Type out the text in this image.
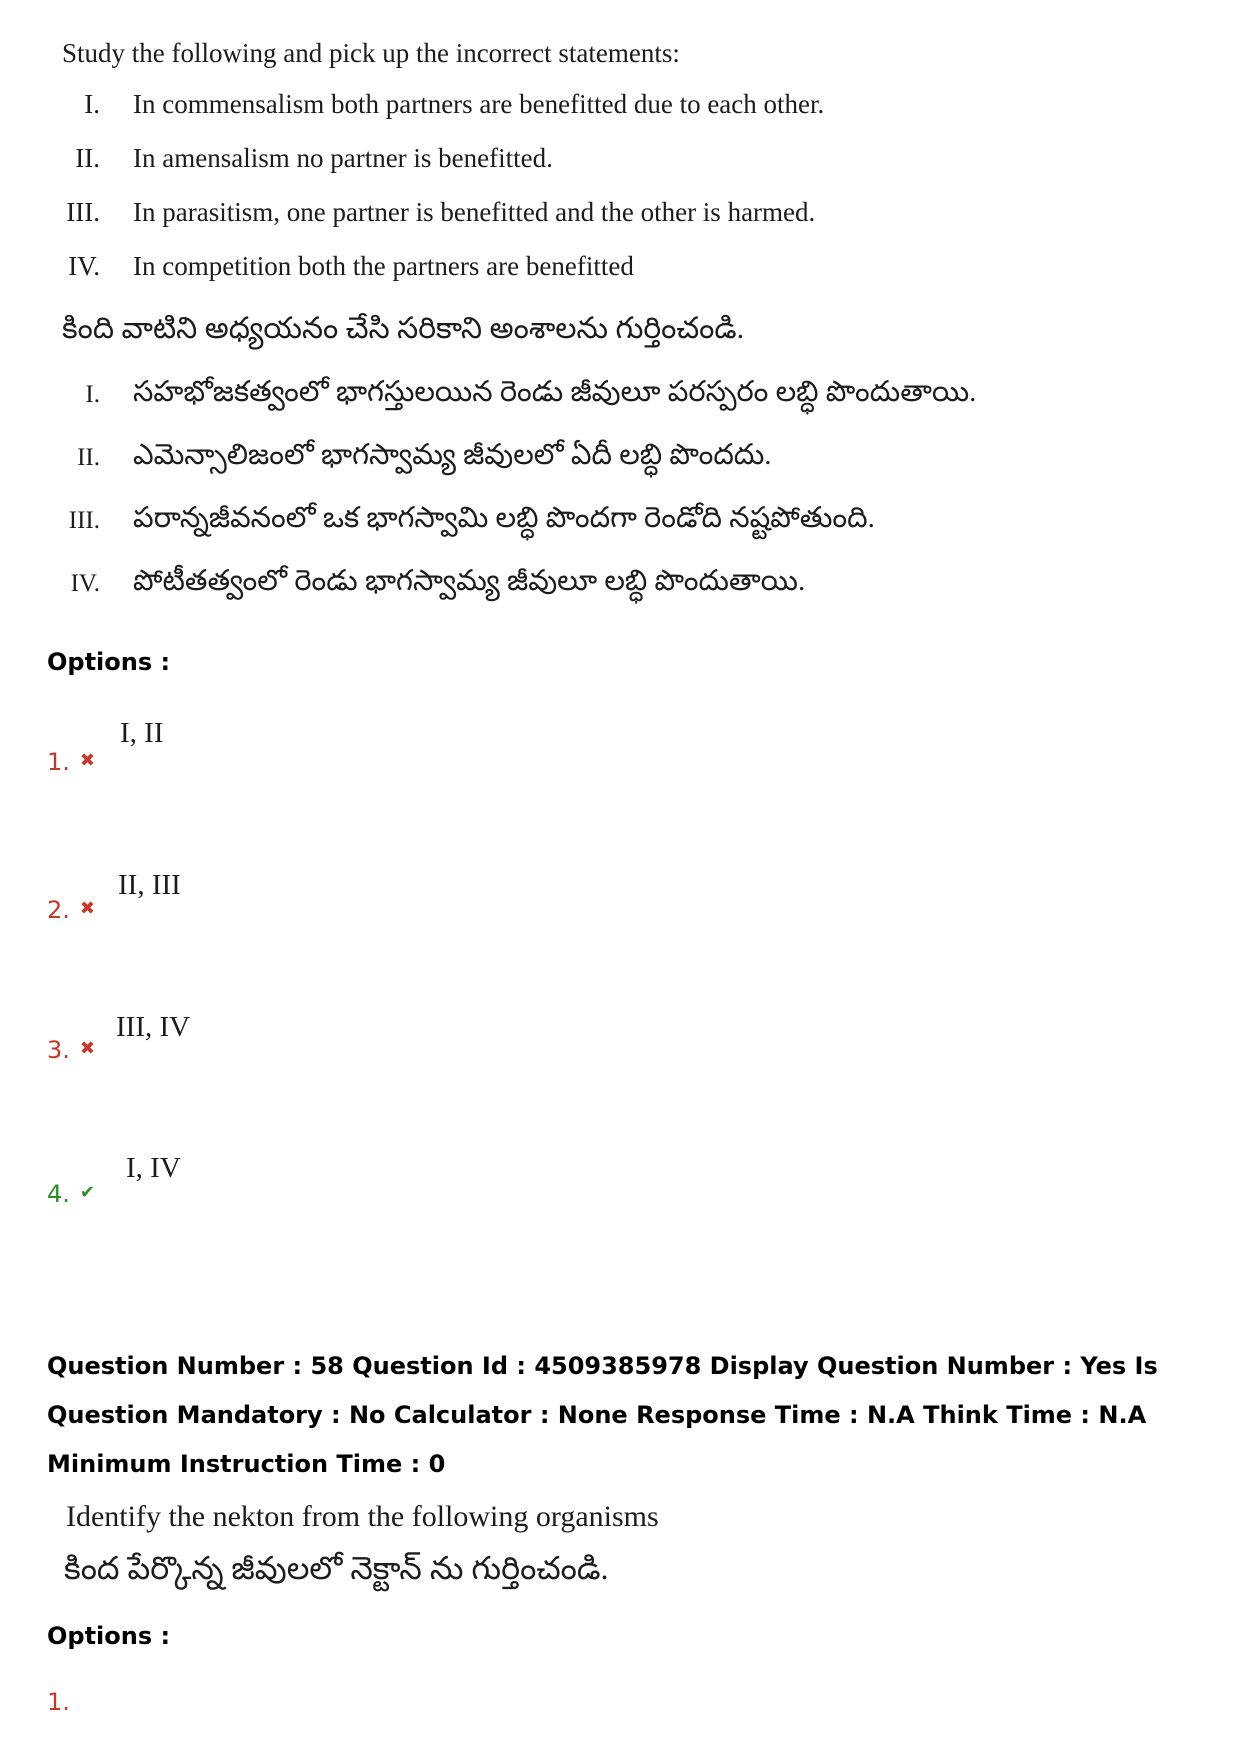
Study the following and pick up the incorrect statements:
I. In commensalism both partners are benefitted due to each other.
II. In amensalism no partner is benefitted.
III. In parasitism, one partner is benefitted and the other is harmed.
IV. In competition both the partners are benefitted
కింది వాటిని అధ్యయనం చేసి సరికాని అంశాలను గుర్తించండి.
I. సహభోజకత్వంలో భాగస్తులయిన రెండు జీవులూ పరస్పరం లబ్ధి పొందుతాయి.
II. ఎమెన్సాలిజంలో భాగస్వామ్య జీవులలో ఏదీ లబ్ధి పొందదు.
III. పరాన్నజీవనంలో ఒక భాగస్వామి లబ్ధి పొందగా రెండోది నష్టపోతుంది.
IV. పోటీతత్వంలో రెండు భాగస్వామ్య జీవులూ లబ్ధి పొందుతాయి.
Options :
1. ✖
I, II
2. ✖
II, III
3. ✖
III, IV
4. ✔
I, IV
Question Number : 58 Question Id : 4509385978 Display Question Number : Yes Is Question Mandatory : No Calculator : None Response Time : N.A Think Time : N.A Minimum Instruction Time : 0
Identify the nekton from the following organisms
కింద పేర్కొన్న జీవులలో నెక్టాన్ ను గుర్తించండి.
Options :
1.
